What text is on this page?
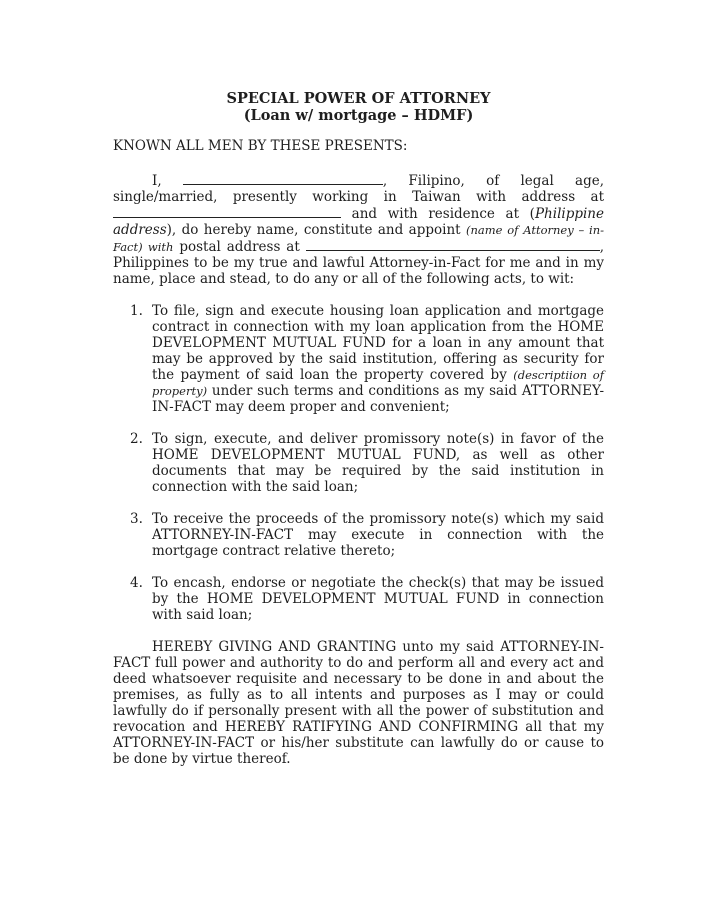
SPECIAL POWER OF ATTORNEY
(Loan w/ mortgage – HDMF)
KNOWN ALL MEN BY THESE PRESENTS:

I,	, Filipino, of legal age, single/married, presently working in Taiwan with address at  and with residence at (Philippine address), do hereby name, constitute and appoint (name of Attorney – in-Fact) with postal address at	, Philippines to be my true and lawful Attorney-in-Fact for me and in my name, place and stead, to do any or all of the following acts, to wit:

1. To file, sign and execute housing loan application and mortgage contract in connection with my loan application from the HOME DEVELOPMENT MUTUAL FUND for a loan in any amount that may be approved by the said institution, offering as security for the payment of said loan the property covered by (descriptiion of property) under such terms and conditions as my said ATTORNEY-IN-FACT may deem proper and convenient;
2. To sign, execute, and deliver promissory note(s) in favor of the HOME DEVELOPMENT MUTUAL FUND, as well as other documents that may be required by the said institution in connection with the said loan;
3. To receive the proceeds of the promissory note(s) which my said ATTORNEY-IN-FACT may execute in connection with the mortgage contract relative thereto;
4. To encash, endorse or negotiate the check(s) that may be issued by the HOME DEVELOPMENT MUTUAL FUND in connection with said loan;

HEREBY GIVING AND GRANTING unto my said ATTORNEY-IN-FACT full power and authority to do and perform all and every act and deed whatsoever requisite and necessary to be done in and about the premises, as fully as to all intents and purposes as I may or could lawfully do if personally present with all the power of substitution and revocation and HEREBY RATIFYING AND CONFIRMING all that my ATTORNEY-IN-FACT or his/her substitute can lawfully do or cause to be done by virtue thereof.
